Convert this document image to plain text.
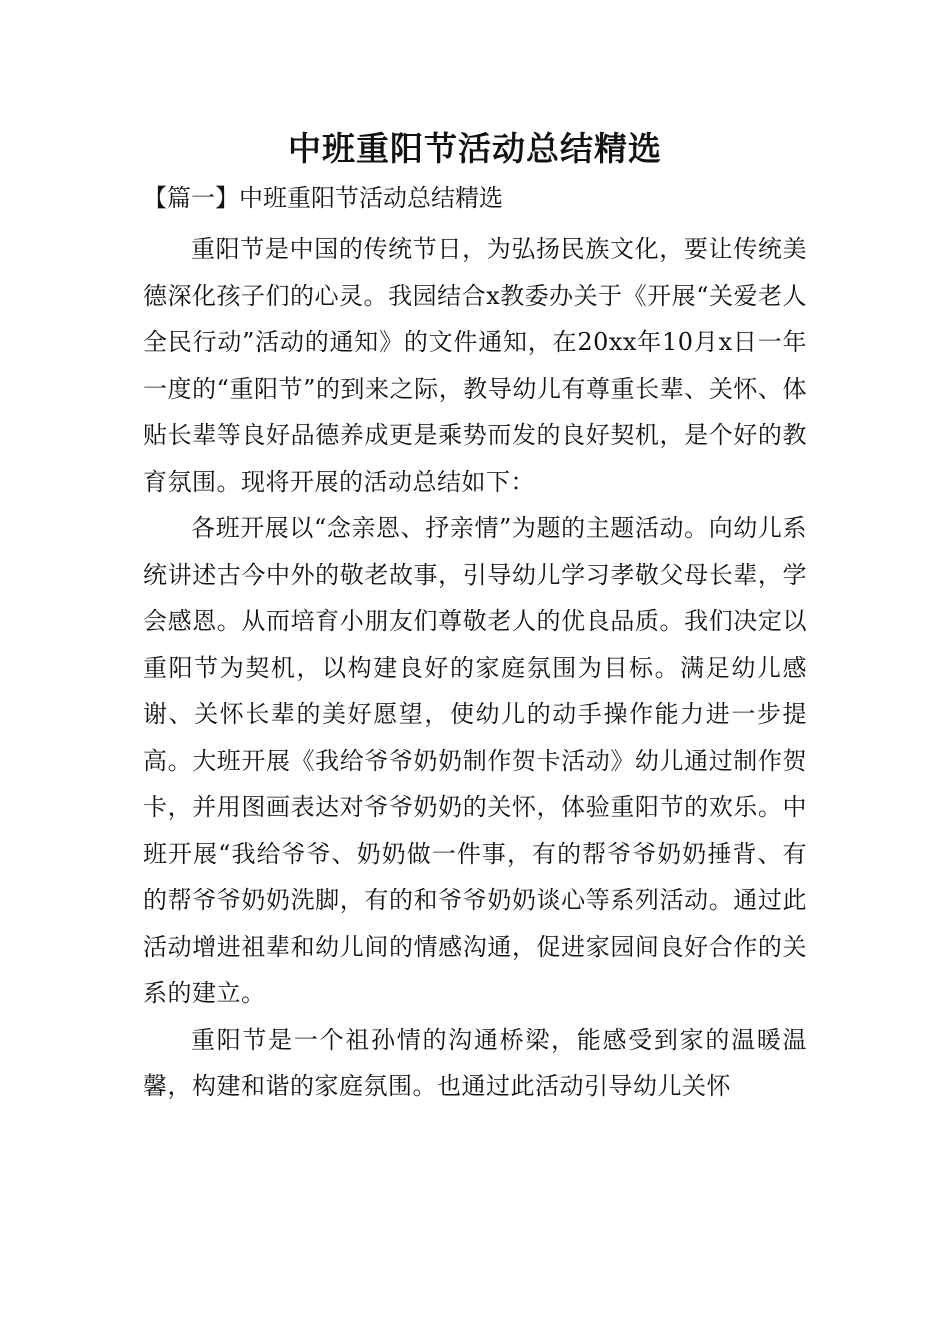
中班重阳节活动总结精选
【篇一】中班重阳节活动总结精选

重阳节是中国的传统节日，为弘扬民族文化，要让传统美德深化孩子们的心灵。我园结合x教委办关于《开展“关爱老人全民行动”活动的通知》的文件通知，在20xx年10月x日一年一度的“重阳节”的到来之际，教导幼儿有尊重长辈、关怀、体贴长辈等良好品德养成更是乘势而发的良好契机，是个好的教育氛围。现将开展的活动总结如下：

各班开展以“念亲恩、抒亲情”为题的主题活动。向幼儿系统讲述古今中外的敬老故事，引导幼儿学习孝敬父母长辈，学会感恩。从而培育小朋友们尊敬老人的优良品质。我们决定以重阳节为契机，以构建良好的家庭氛围为目标。满足幼儿感谢、关怀长辈的美好愿望，使幼儿的动手操作能力进一步提高。大班开展《我给爷爷奶奶制作贺卡活动》幼儿通过制作贺卡，并用图画表达对爷爷奶奶的关怀，体验重阳节的欢乐。中班开展“我给爷爷、奶奶做一件事，有的帮爷爷奶奶捶背、有的帮爷爷奶奶洗脚，有的和爷爷奶奶谈心等系列活动。通过此活动增进祖辈和幼儿间的情感沟通，促进家园间良好合作的关系的建立。

重阳节是一个祖孙情的沟通桥梁，能感受到家的温暖温馨，构建和谐的家庭氛围。也通过此活动引导幼儿关怀
